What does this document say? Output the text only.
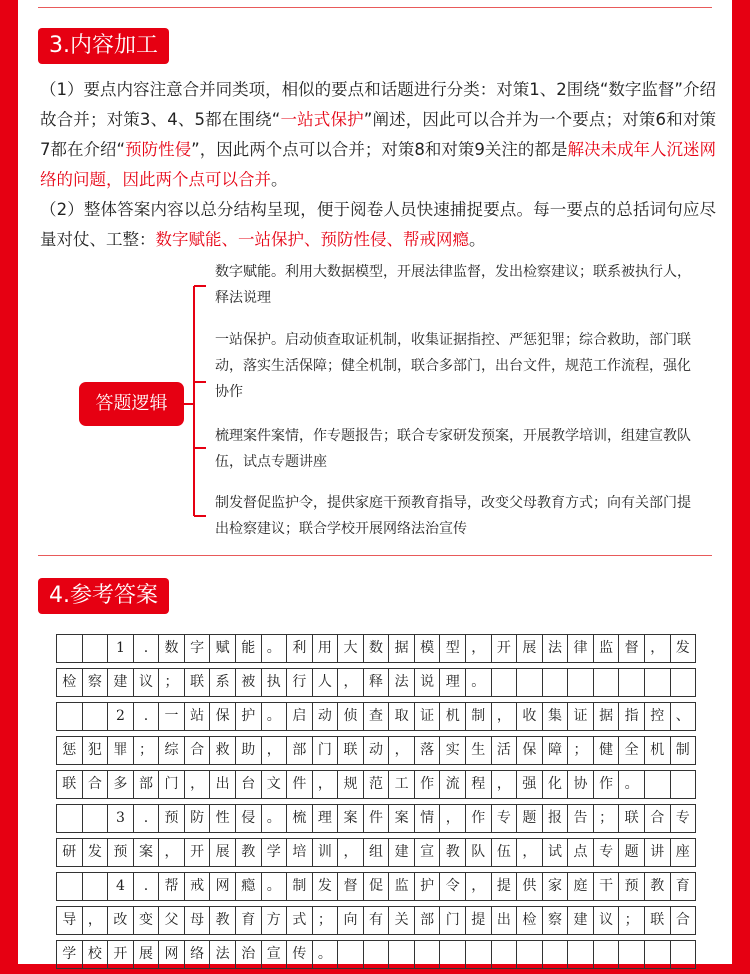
3.内容加工

（1）要点内容注意合并同类项，相似的要点和话题进行分类：对策1、2围绕“数字监督”介绍故合并；对策3、4、5都在围绕“一站式保护”阐述，因此可以合并为一个要点；对策6和对策7都在介绍“预防性侵”，因此两个点可以合并；对策8和对策9关注的都是解决未成年人沉迷网络的问题，因此两个点可以合并。

（2）整体答案内容以总分结构呈现，便于阅卷人员快速捕捉要点。每一要点的总括词句应尽量对仗、工整：数字赋能、一站保护、预防性侵、帮戒网瘾。

答题逻辑

数字赋能。利用大数据模型，开展法律监督，发出检察建议；联系被执行人，释法说理

一站保护。启动侦查取证机制，收集证据指控、严惩犯罪；综合救助，部门联动，落实生活保障；健全机制，联合多部门，出台文件，规范工作流程，强化协作

梳理案件案情，作专题报告；联合专家研发预案，开展教学培训，组建宣教队伍，试点专题讲座

制发督促监护令，提供家庭干预教育指导，改变父母教育方式；向有关部门提出检察建议；联合学校开展网络法治宣传

4.参考答案
1	.	数 字 赋 能 。 利 用 大 数 据 模 型 ， 开 展 法 律 监 督 ， 发
检 察 建 议 ； 联 系 被 执 行 人 ， 释 法 说 理 。
2	.	一 站 保 护 。 启 动 侦 查 取 证 机 制 ， 收 集 证 据 指 控 、
惩 犯 罪 ； 综 合 救 助 ， 部 门 联 动 ， 落 实 生 活 保 障 ； 健 全 机 制
联 合 多 部 门 ， 出 台 文 件 ， 规 范 工 作 流 程 ， 强 化 协 作 。
3	.	预 防 性 侵 。 梳 理 案 件 案 情 ， 作 专 题 报 告 ； 联 合 专
研 发 预 案 ， 开 展 教 学 培 训 ， 组 建 宣 教 队 伍 ， 试 点 专 题 讲 座
4	.	帮 戒 网 瘾 。 制 发 督 促 监 护 令 ， 提 供 家 庭 干 预 教 育
导 ， 改 变 父 母 教 育 方 式 ； 向 有 关 部 门 提 出 检 察 建 议 ； 联 合
学 校 开 展 网 络 法 治 宣 传 。
